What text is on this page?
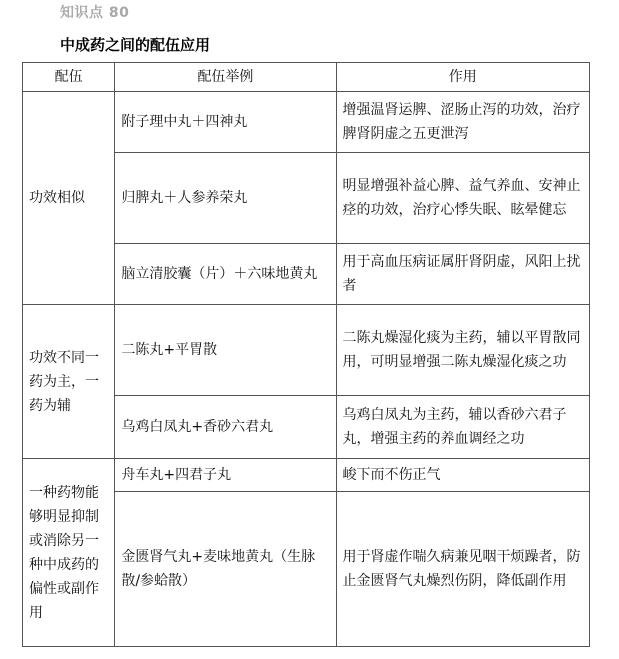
知识点 80
中成药之间的配伍应用
配伍	配伍举例	作用
功效相似	附子理中丸＋四神丸	增强温肾运脾、涩肠止泻的功效，治疗脾肾阴虚之五更泄泻
	归脾丸＋人参养荣丸	明显增强补益心脾、益气养血、安神止痉的功效，治疗心悸失眠、眩晕健忘
	脑立清胶囊（片）＋六味地黄丸	用于高血压病证属肝肾阴虚，风阳上扰者
功效不同一药为主，一药为辅	二陈丸+平胃散	二陈丸燥湿化痰为主药，辅以平胃散同用，可明显增强二陈丸燥湿化痰之功
	乌鸡白凤丸+香砂六君丸	乌鸡白凤丸为主药，辅以香砂六君子丸，增强主药的养血调经之功
一种药物能够明显抑制或消除另一种中成药的偏性或副作用	舟车丸+四君子丸	峻下而不伤正气
	金匮肾气丸+麦味地黄丸（生脉散/参蛤散）	用于肾虚作喘久病兼见咽干烦躁者，防止金匮肾气丸燥烈伤阴，降低副作用
